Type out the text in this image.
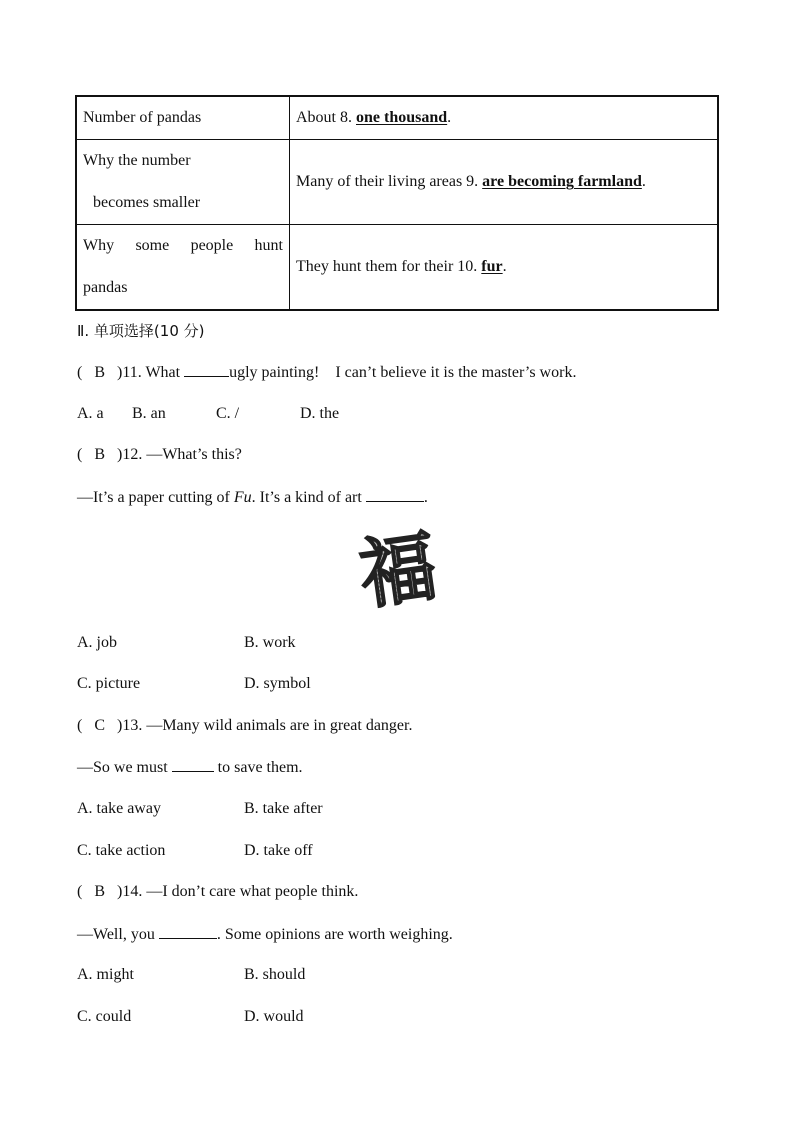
Number of pandas	About 8. one thousand.

Why the number
becomes smaller	Many of their living areas 9. are becoming farmland.

Why some people hunt
pandas	They hunt them for their 10. fur.
Ⅱ. 单项选择(10 分)
(   B   )11. What	ugly painting!    I can’t believe it is the master’s work.
A. a B. an	C. /	D. the
(   B   )12. —What’s this?
—It’s a paper cutting of Fu. It’s a kind of art	.
福
A. job	B. work
C. picture	D. symbol
(   C   )13. —Many wild animals are in great danger.
—So we must	to save them.
A. take away	B. take after
C. take action	D. take off
(   B   )14. —I don’t care what people think.
—Well, you	. Some opinions are worth weighing.
A. might	B. should
C. could	D. would
